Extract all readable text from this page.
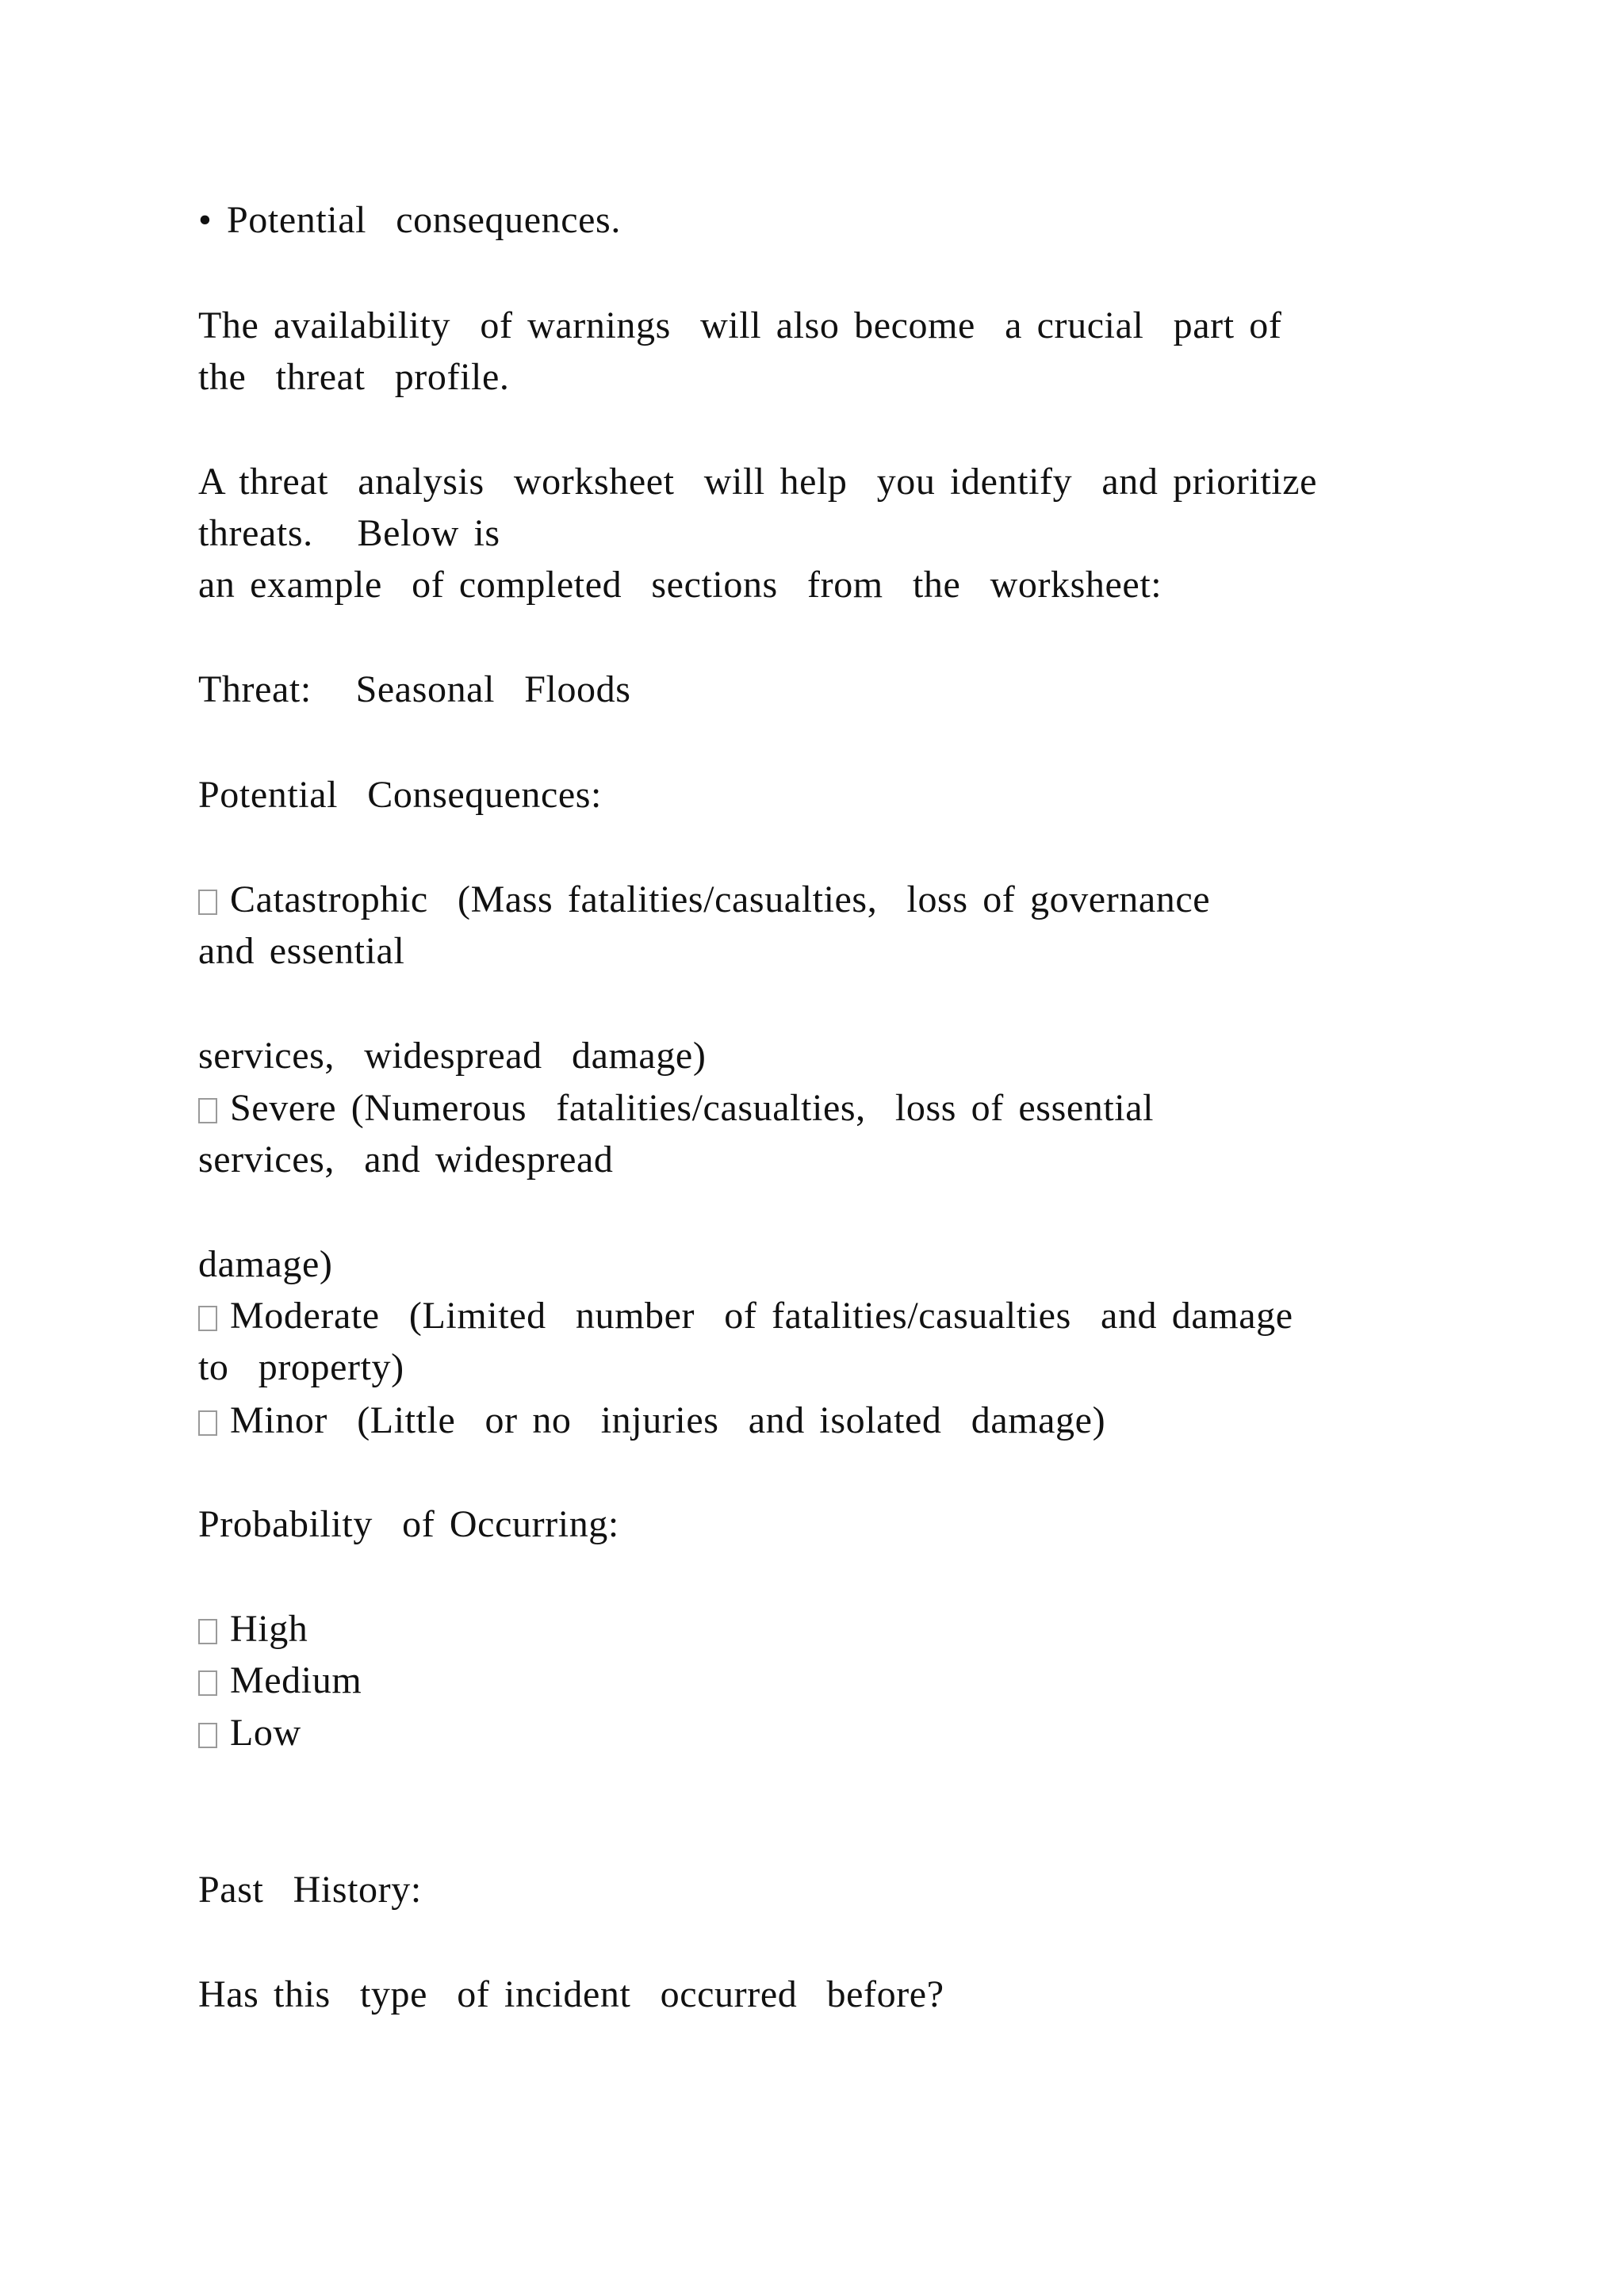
• Potential  consequences.
The availability  of warnings  will also become  a crucial  part of
the  threat  profile.
A threat  analysis  worksheet  will help  you identify  and prioritize
threats.   Below is
an example  of completed  sections  from  the  worksheet:
Threat:   Seasonal  Floods
Potential  Consequences:
Catastrophic  (Mass fatalities/casualties,  loss of governance
and essential
services,  widespread  damage)
Severe (Numerous  fatalities/casualties,  loss of essential
services,  and widespread
damage)
Moderate  (Limited  number  of fatalities/casualties  and damage
to  property)
Minor  (Little  or no  injuries  and isolated  damage)
Probability  of Occurring:
High
Medium
Low
Past  History:
Has this  type  of incident  occurred  before?
